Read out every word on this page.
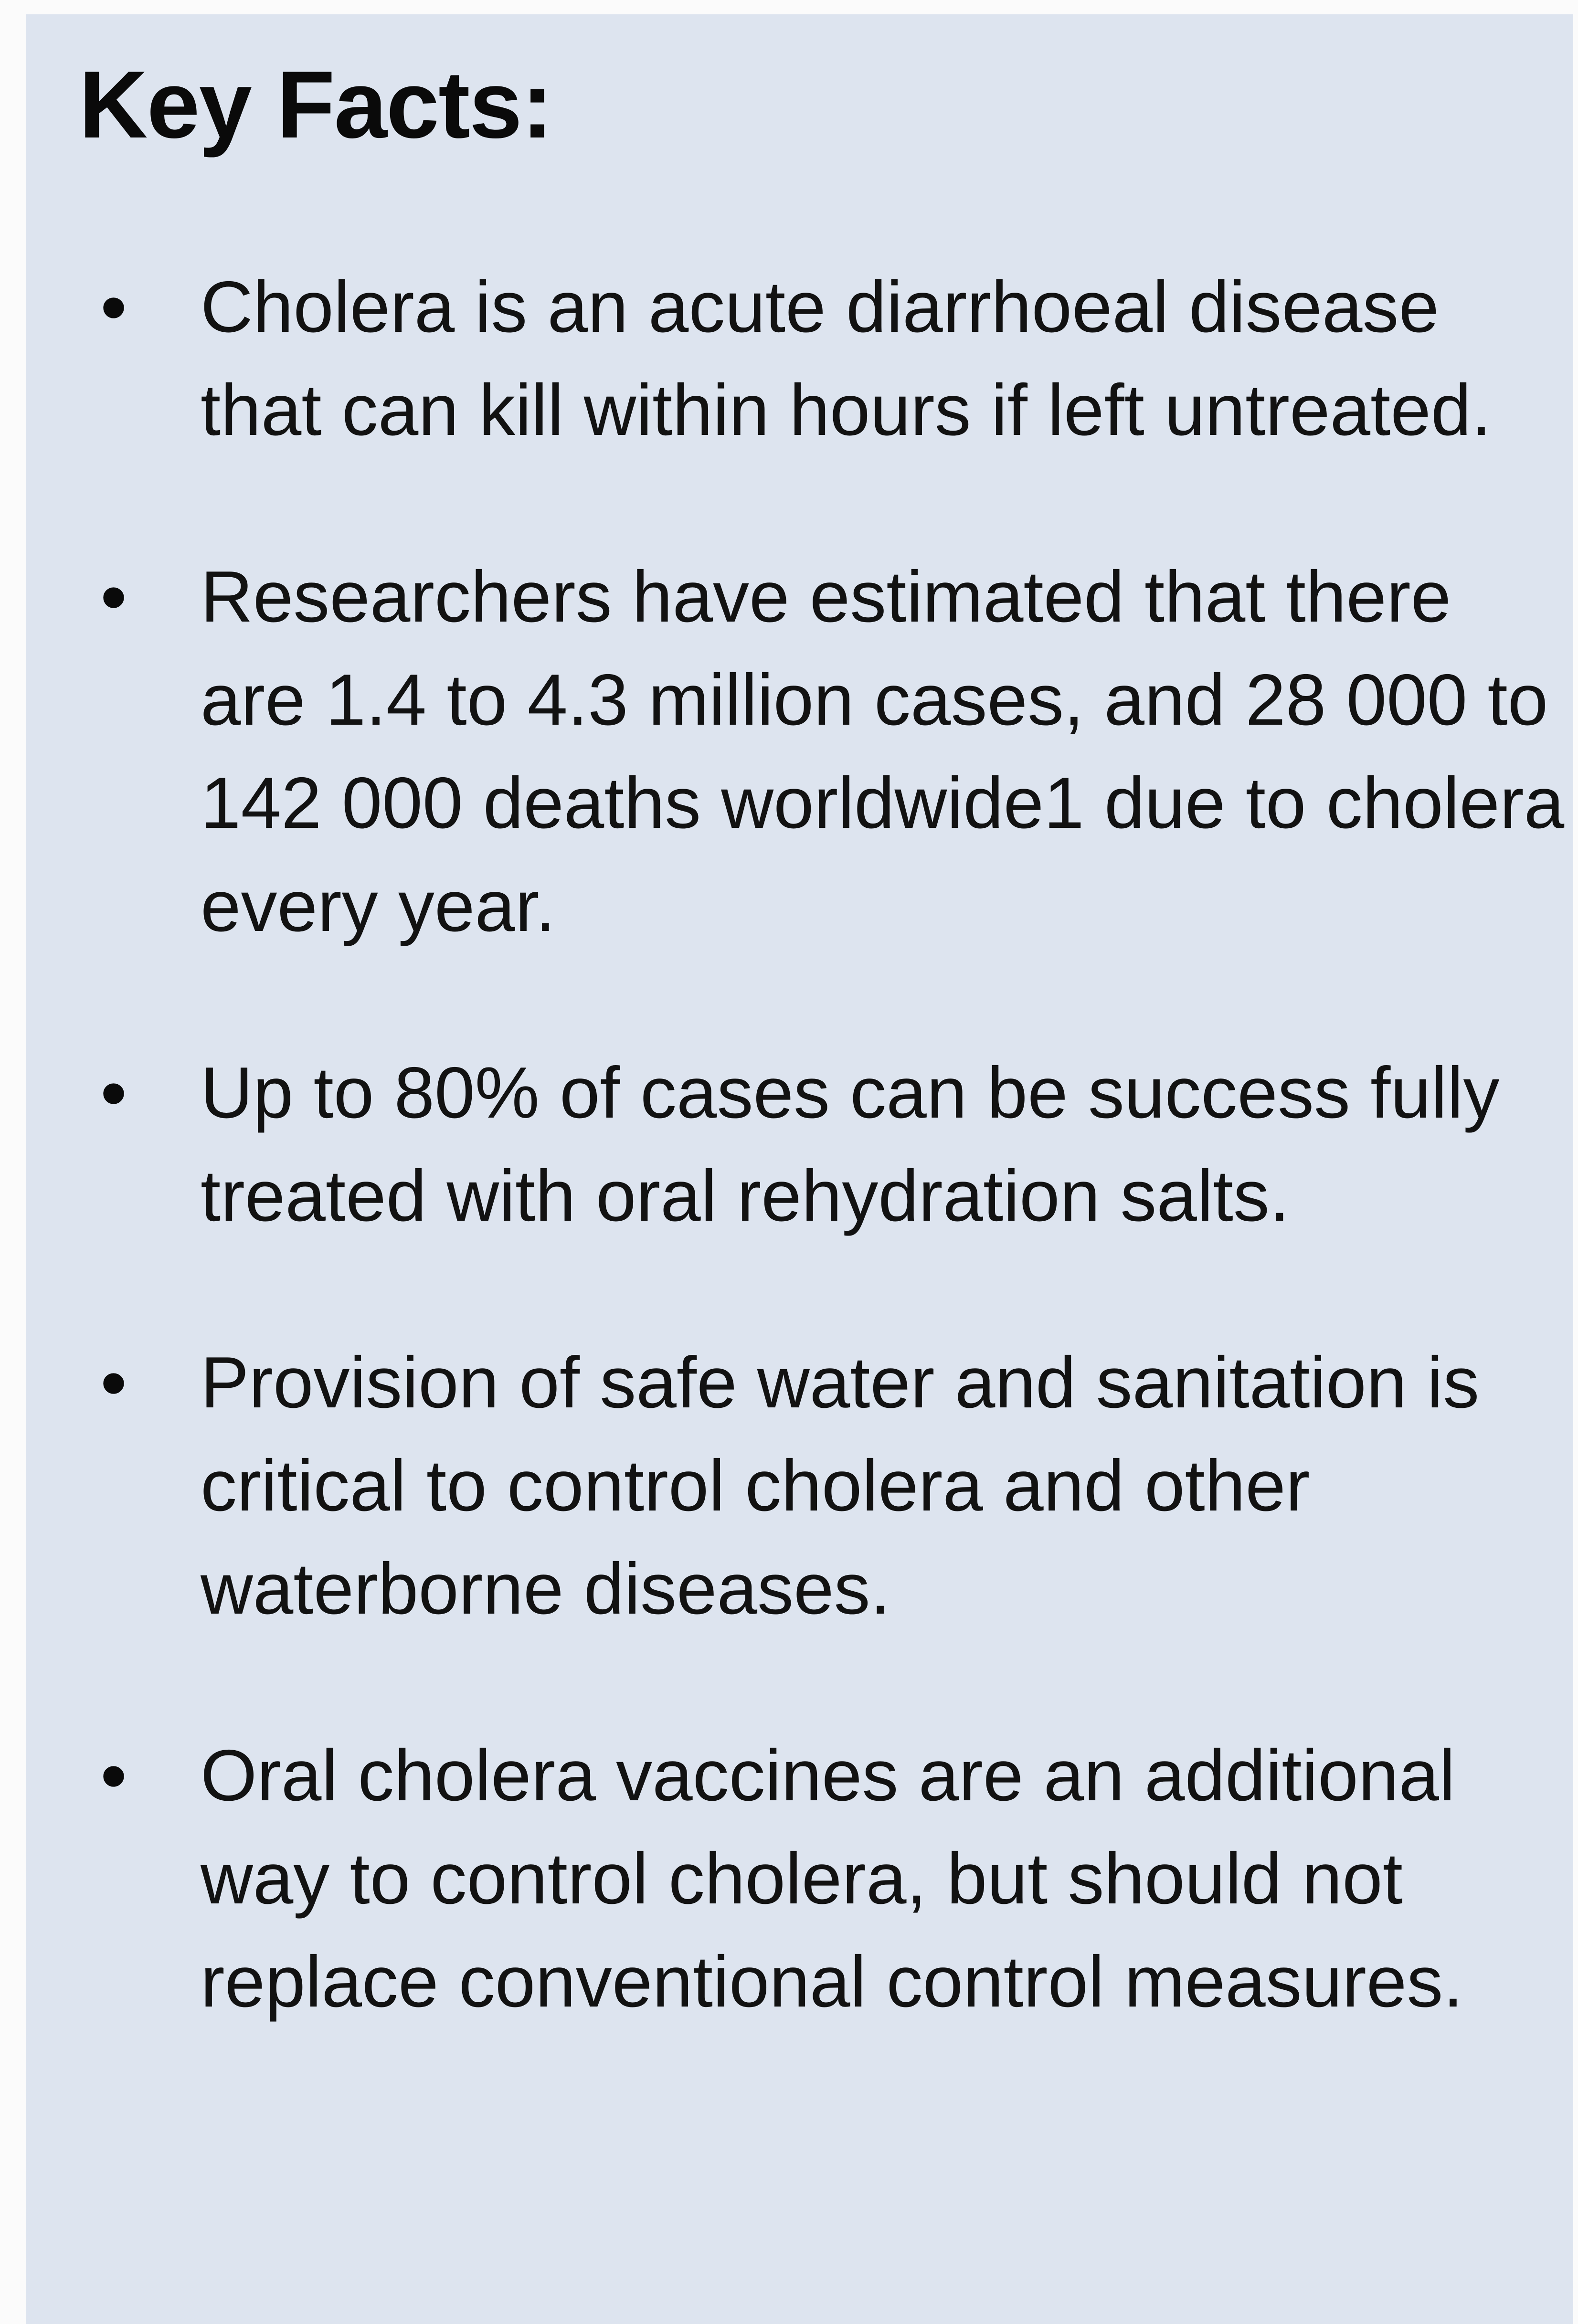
Key Facts:
•	Cholera is an acute diarrhoeal disease that can kill within hours if left untreated.
•	Researchers have estimated that there are 1.4 to 4.3 million cases, and 28 000 to 142 000 deaths worldwide1 due to cholera every year.
•	Up to 80% of cases can be success fully treated with oral rehydration salts.
•	Provision of safe water and sanitation is critical to control cholera and other waterborne diseases.
•	Oral cholera vaccines are an additional way to control cholera, but should not replace conventional control measures.
